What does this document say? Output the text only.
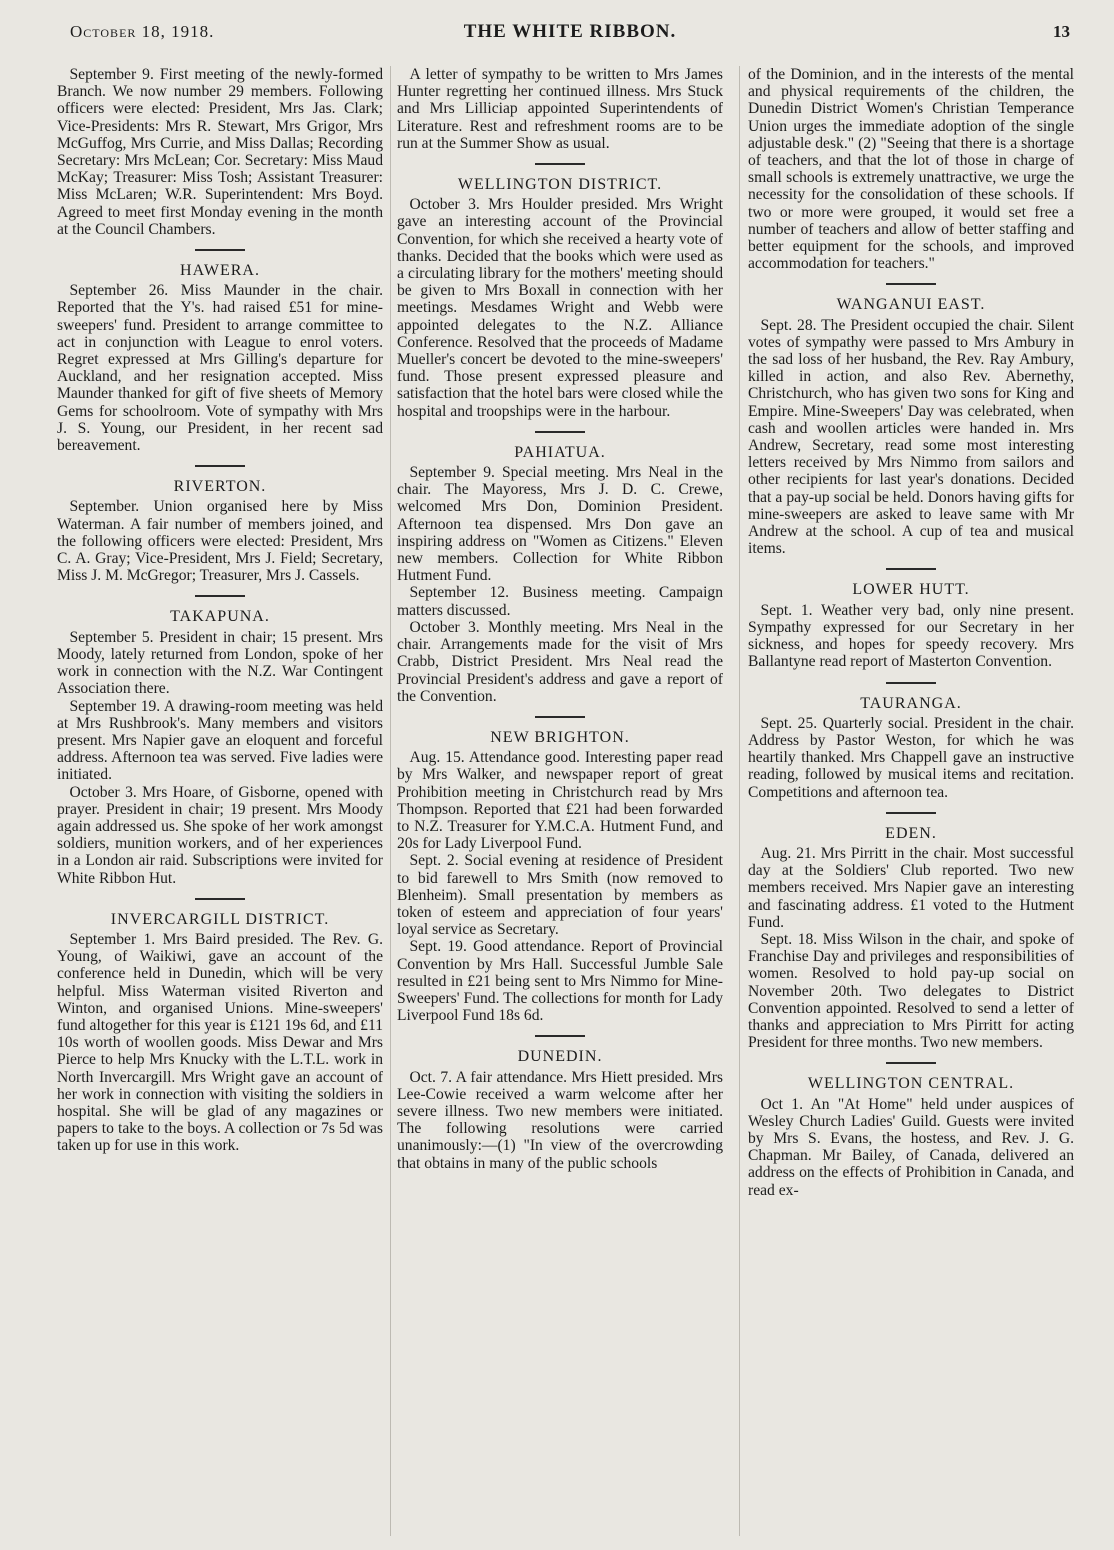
October 18, 1918.	THE WHITE RIBBON.	13

September 9. First meeting of the newly-formed Branch. We now number 29 members. Following officers were elected: President, Mrs Jas. Clark; Vice-Presidents: Mrs R. Stewart, Mrs Grigor, Mrs McGuffog, Mrs Currie, and Miss Dallas; Recording Secretary: Mrs McLean; Cor. Secretary: Miss Maud McKay; Treasurer: Miss Tosh; Assistant Treasurer: Miss McLaren; W.R. Superintendent: Mrs Boyd. Agreed to meet first Monday evening in the month at the Council Chambers.

HAWERA.

September 26. Miss Maunder in the chair. Reported that the Y's. had raised £51 for mine-sweepers' fund. President to arrange committee to act in conjunction with League to enrol voters. Regret expressed at Mrs Gilling's departure for Auckland, and her resignation accepted. Miss Maunder thanked for gift of five sheets of Memory Gems for schoolroom. Vote of sympathy with Mrs J. S. Young, our President, in her recent sad bereavement.

RIVERTON.

September. Union organised here by Miss Waterman. A fair number of members joined, and the following officers were elected: President, Mrs C. A. Gray; Vice-President, Mrs J. Field; Secretary, Miss J. M. McGregor; Treasurer, Mrs J. Cassels.

TAKAPUNA.

September 5. President in chair; 15 present. Mrs Moody, lately returned from London, spoke of her work in connection with the N.Z. War Contingent Association there.

September 19. A drawing-room meeting was held at Mrs Rushbrook's. Many members and visitors present. Mrs Napier gave an eloquent and forceful address. Afternoon tea was served. Five ladies were initiated.

October 3. Mrs Hoare, of Gisborne, opened with prayer. President in chair; 19 present. Mrs Moody again addressed us. She spoke of her work amongst soldiers, munition workers, and of her experiences in a London air raid. Subscriptions were invited for White Ribbon Hut.

INVERCARGILL DISTRICT.

September 1. Mrs Baird presided. The Rev. G. Young, of Waikiwi, gave an account of the conference held in Dunedin, which will be very helpful. Miss Waterman visited Riverton and Winton, and organised Unions. Mine-sweepers' fund altogether for this year is £121 19s 6d, and £11 10s worth of woollen goods. Miss Dewar and Mrs Pierce to help Mrs Knucky with the L.T.L. work in North Invercargill. Mrs Wright gave an account of her work in connection with visiting the soldiers in hospital. She will be glad of any magazines or papers to take to the boys. A collection or 7s 5d was taken up for use in this work.

A letter of sympathy to be written to Mrs James Hunter regretting her continued illness. Mrs Stuck and Mrs Lilliciap appointed Superintendents of Literature. Rest and refreshment rooms are to be run at the Summer Show as usual.

WELLINGTON DISTRICT.

October 3. Mrs Houlder presided. Mrs Wright gave an interesting account of the Provincial Convention, for which she received a hearty vote of thanks. Decided that the books which were used as a circulating library for the mothers' meeting should be given to Mrs Boxall in connection with her meetings. Mesdames Wright and Webb were appointed delegates to the N.Z. Alliance Conference. Resolved that the proceeds of Madame Mueller's concert be devoted to the mine-sweepers' fund. Those present expressed pleasure and satisfaction that the hotel bars were closed while the hospital and troopships were in the harbour.

PAHIATUA.

September 9. Special meeting. Mrs Neal in the chair. The Mayoress, Mrs J. D. C. Crewe, welcomed Mrs Don, Dominion President. Afternoon tea dispensed. Mrs Don gave an inspiring address on "Women as Citizens." Eleven new members. Collection for White Ribbon Hutment Fund.

September 12. Business meeting. Campaign matters discussed.

October 3. Monthly meeting. Mrs Neal in the chair. Arrangements made for the visit of Mrs Crabb, District President. Mrs Neal read the Provincial President's address and gave a report of the Convention.

NEW BRIGHTON.

Aug. 15. Attendance good. Interesting paper read by Mrs Walker, and newspaper report of great Prohibition meeting in Christchurch read by Mrs Thompson. Reported that £21 had been forwarded to N.Z. Treasurer for Y.M.C.A. Hutment Fund, and 20s for Lady Liverpool Fund.

Sept. 2. Social evening at residence of President to bid farewell to Mrs Smith (now removed to Blenheim). Small presentation by members as token of esteem and appreciation of four years' loyal service as Secretary.

Sept. 19. Good attendance. Report of Provincial Convention by Mrs Hall. Successful Jumble Sale resulted in £21 being sent to Mrs Nimmo for Mine-Sweepers' Fund. The collections for month for Lady Liverpool Fund 18s 6d.

DUNEDIN.

Oct. 7. A fair attendance. Mrs Hiett presided. Mrs Lee-Cowie received a warm welcome after her severe illness. Two new members were initiated. The following resolutions were carried unanimously:—(1) "In view of the overcrowding that obtains in many of the public schools

of the Dominion, and in the interests of the mental and physical requirements of the children, the Dunedin District Women's Christian Temperance Union urges the immediate adoption of the single adjustable desk." (2) "Seeing that there is a shortage of teachers, and that the lot of those in charge of small schools is extremely unattractive, we urge the necessity for the consolidation of these schools. If two or more were grouped, it would set free a number of teachers and allow of better staffing and better equipment for the schools, and improved accommodation for teachers."

WANGANUI EAST.

Sept. 28. The President occupied the chair. Silent votes of sympathy were passed to Mrs Ambury in the sad loss of her husband, the Rev. Ray Ambury, killed in action, and also Rev. Abernethy, Christchurch, who has given two sons for King and Empire. Mine-Sweepers' Day was celebrated, when cash and woollen articles were handed in. Mrs Andrew, Secretary, read some most interesting letters received by Mrs Nimmo from sailors and other recipients for last year's donations. Decided that a pay-up social be held. Donors having gifts for mine-sweepers are asked to leave same with Mr Andrew at the school. A cup of tea and musical items.

LOWER HUTT.

Sept. 1. Weather very bad, only nine present. Sympathy expressed for our Secretary in her sickness, and hopes for speedy recovery. Mrs Ballantyne read report of Masterton Convention.

TAURANGA.

Sept. 25. Quarterly social. President in the chair. Address by Pastor Weston, for which he was heartily thanked. Mrs Chappell gave an instructive reading, followed by musical items and recitation. Competitions and afternoon tea.

EDEN.

Aug. 21. Mrs Pirritt in the chair. Most successful day at the Soldiers' Club reported. Two new members received. Mrs Napier gave an interesting and fascinating address. £1 voted to the Hutment Fund.

Sept. 18. Miss Wilson in the chair, and spoke of Franchise Day and privileges and responsibilities of women. Resolved to hold pay-up social on November 20th. Two delegates to District Convention appointed. Resolved to send a letter of thanks and appreciation to Mrs Pirritt for acting President for three months. Two new members.

WELLINGTON CENTRAL.

Oct 1. An "At Home" held under auspices of Wesley Church Ladies' Guild. Guests were invited by Mrs S. Evans, the hostess, and Rev. J. G. Chapman. Mr Bailey, of Canada, delivered an address on the effects of Prohibition in Canada, and read ex-
